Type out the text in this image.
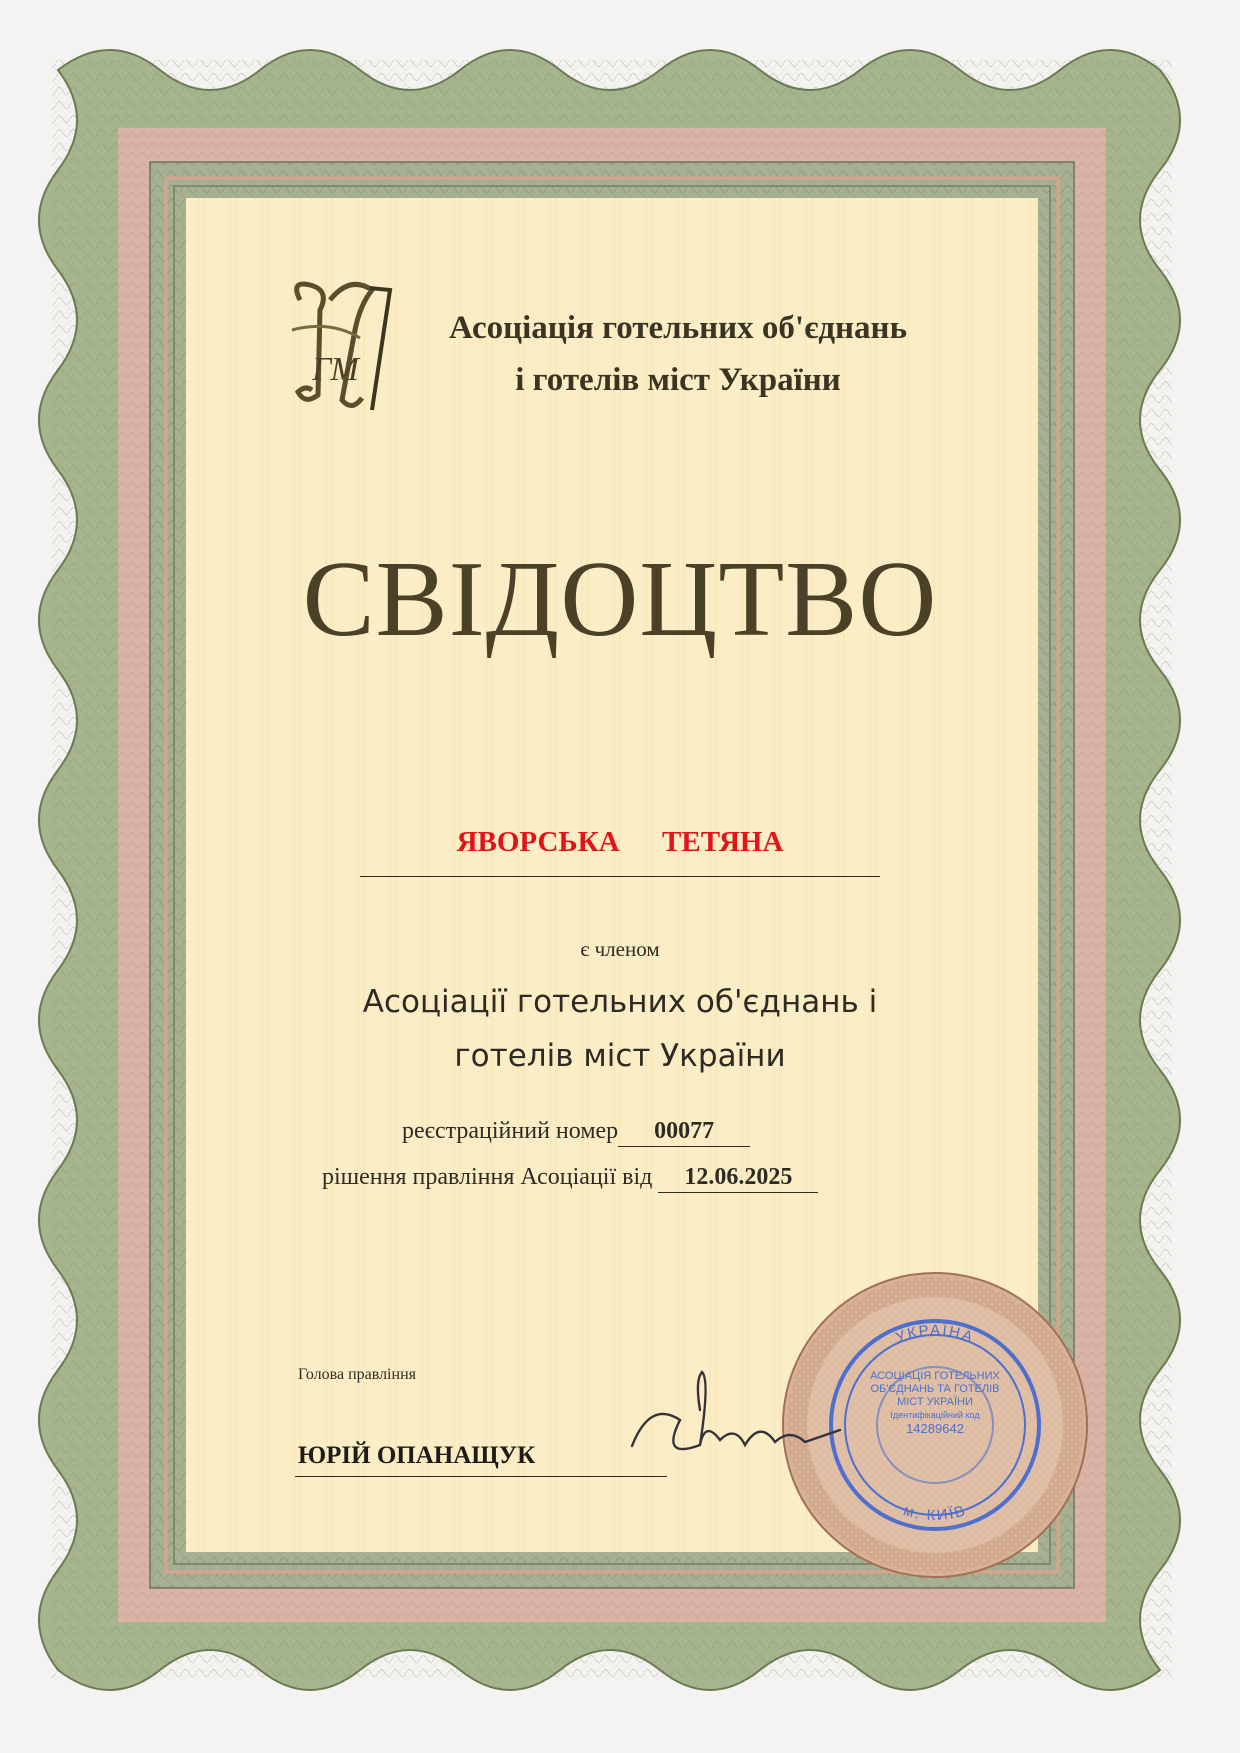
ГМ
Асоціація готельних об'єднань
і готелів міст України
СВІДОЦТВО
ЯВОРСЬКА  ТЕТЯНА
є членом
Асоціації готельних об'єднань і
готелів міст України
реєстраційний номер 00077
рішення правління Асоціації від 12.06.2025
Голова правління
ЮРІЙ ОПАНАЩУК
УКРАЇНА
м. КИЇВ
АСОЦІАЦІЯ ГОТЕЛЬНИХ ОБ'ЄДНАНЬ ТА ГОТЕЛІВ МІСТ УКРАЇНИ
Ідентифікаційний код
14289642
